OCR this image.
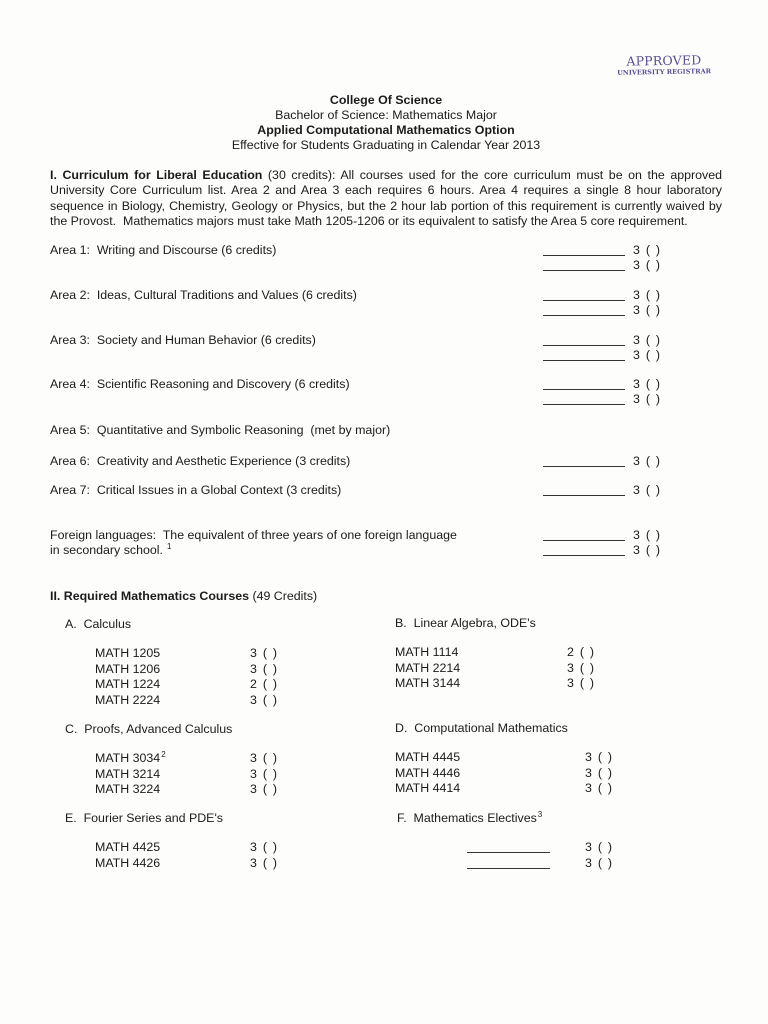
APPROVED
UNIVERSITY REGISTRAR
College Of Science
Bachelor of Science: Mathematics Major
Applied Computational Mathematics Option
Effective for Students Graduating in Calendar Year 2013
I. Curriculum for Liberal Education (30 credits): All courses used for the core curriculum must be on the approved
University Core Curriculum list. Area 2 and Area 3 each requires 6 hours. Area 4 requires a single 8 hour laboratory
sequence in Biology, Chemistry, Geology or Physics, but the 2 hour lab portion of this requirement is currently waived by
the Provost.  Mathematics majors must take Math 1205-1206 or its equivalent to satisfy the Area 5 core requirement.
Area 1:  Writing and Discourse (6 credits)	3 ( )
3 ( )
Area 2:  Ideas, Cultural Traditions and Values (6 credits)	3 ( )
3 ( )
Area 3:  Society and Human Behavior (6 credits)	3 ( )
3 ( )
Area 4:  Scientific Reasoning and Discovery (6 credits)	3 ( )
3 ( )
Area 5:  Quantitative and Symbolic Reasoning  (met by major)
Area 6:  Creativity and Aesthetic Experience (3 credits)	3 ( )
Area 7:  Critical Issues in a Global Context (3 credits)	3 ( )
Foreign languages:  The equivalent of three years of one foreign language
in secondary school. $^1$
3 ( )
3 ( )
II. Required Mathematics Courses (49 Credits)
A.  Calculus
MATH 1205	3 ( )
MATH 1206	3 ( )
MATH 1224	2 ( )
MATH 2224	3 ( )
B.  Linear Algebra, ODE's
MATH 1114	2 ( )
MATH 2214	3 ( )
MATH 3144	3 ( )
C.  Proofs, Advanced Calculus
MATH 3034$^2$	3 ( )
MATH 3214	3 ( )
MATH 3224	3 ( )
D.  Computational Mathematics
MATH 4445	3 ( )
MATH 4446	3 ( )
MATH 4414	3 ( )
E.  Fourier Series and PDE's
MATH 4425	3 ( )
MATH 4426	3 ( )
F.  Mathematics Electives$^3$
3 ( )
3 ( )
